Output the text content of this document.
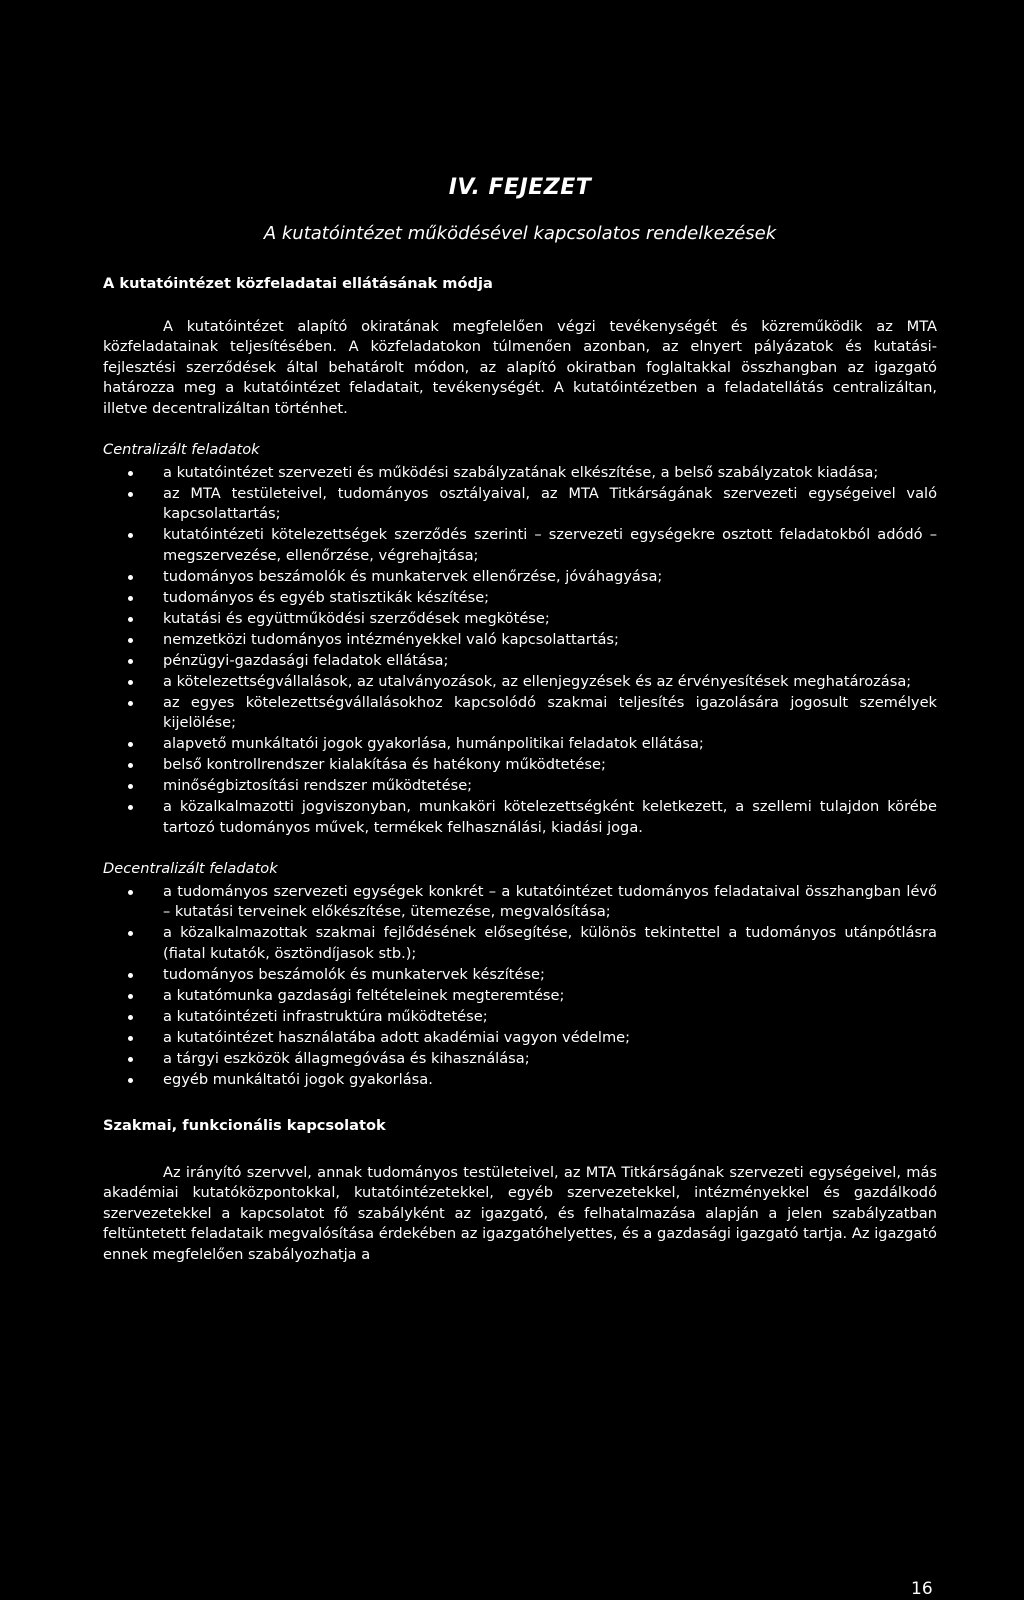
IV. FEJEZET
A kutatóintézet működésével kapcsolatos rendelkezések
A kutatóintézet közfeladatai ellátásának módja

A kutatóintézet alapító okiratának megfelelően végzi tevékenységét és közreműködik az MTA közfeladatainak teljesítésében. A közfeladatokon túlmenően azonban, az elnyert pályázatok és kutatási-fejlesztési szerződések által behatárolt módon, az alapító okiratban foglaltakkal összhangban az igazgató határozza meg a kutatóintézet feladatait, tevékenységét. A kutatóintézetben a feladatellátás centralizáltan, illetve decentralizáltan történhet.

Centralizált feladatok
a kutatóintézet szervezeti és működési szabályzatának elkészítése, a belső szabályzatok kiadása;
az MTA testületeivel, tudományos osztályaival, az MTA Titkárságának szervezeti egységeivel való kapcsolattartás;
kutatóintézeti kötelezettségek szerződés szerinti – szervezeti egységekre osztott feladatokból adódó – megszervezése, ellenőrzése, végrehajtása;
tudományos beszámolók és munkatervek ellenőrzése, jóváhagyása;
tudományos és egyéb statisztikák készítése;
kutatási és együttműködési szerződések megkötése;
nemzetközi tudományos intézményekkel való kapcsolattartás;
pénzügyi-gazdasági feladatok ellátása;
a kötelezettségvállalások, az utalványozások, az ellenjegyzések és az érvényesítések meghatározása;
az egyes kötelezettségvállalásokhoz kapcsolódó szakmai teljesítés igazolására jogosult személyek kijelölése;
alapvető munkáltatói jogok gyakorlása, humánpolitikai feladatok ellátása;
belső kontrollrendszer kialakítása és hatékony működtetése;
minőségbiztosítási rendszer működtetése;
a közalkalmazotti jogviszonyban, munkaköri kötelezettségként keletkezett, a szellemi tulajdon körébe tartozó tudományos művek, termékek felhasználási, kiadási joga.
Decentralizált feladatok
a tudományos szervezeti egységek konkrét – a kutatóintézet tudományos feladataival összhangban lévő – kutatási terveinek előkészítése, ütemezése, megvalósítása;
a közalkalmazottak szakmai fejlődésének elősegítése, különös tekintettel a tudományos utánpótlásra (fiatal kutatók, ösztöndíjasok stb.);
tudományos beszámolók és munkatervek készítése;
a kutatómunka gazdasági feltételeinek megteremtése;
a kutatóintézeti infrastruktúra működtetése;
a kutatóintézet használatába adott akadémiai vagyon védelme;
a tárgyi eszközök állagmegóvása és kihasználása;
egyéb munkáltatói jogok gyakorlása.
Szakmai, funkcionális kapcsolatok

Az irányító szervvel, annak tudományos testületeivel, az MTA Titkárságának szervezeti egységeivel, más akadémiai kutatóközpontokkal, kutatóintézetekkel, egyéb szervezetekkel, intézményekkel és gazdálkodó szervezetekkel a kapcsolatot fő szabályként az igazgató, és felhatalmazása alapján a jelen szabályzatban feltüntetett feladataik megvalósítása érdekében az igazgatóhelyettes, és a gazdasági igazgató tartja. Az igazgató ennek megfelelően szabályozhatja a

16
